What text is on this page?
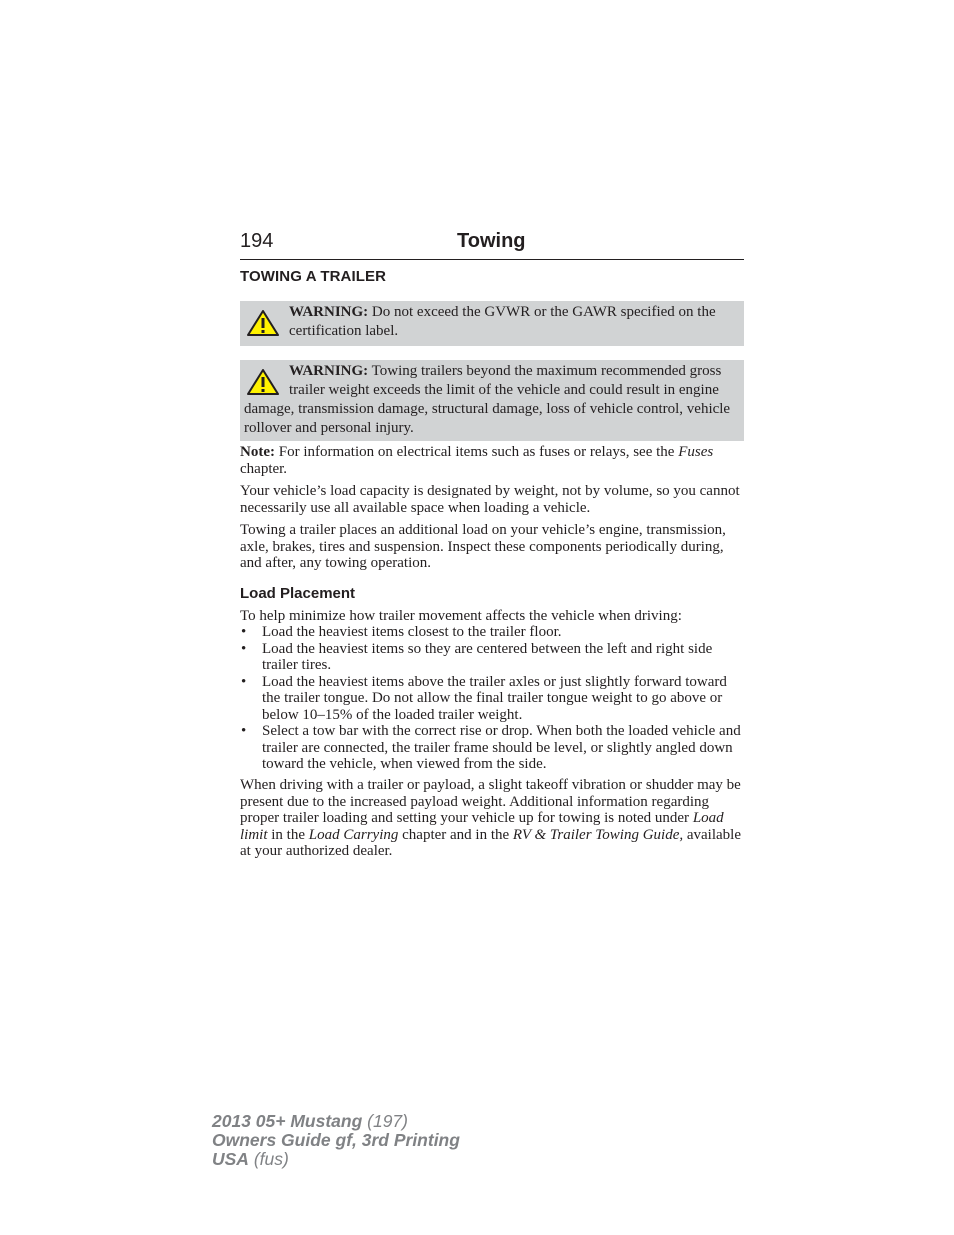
194	Towing
TOWING A TRAILER
WARNING: Do not exceed the GVWR or the GAWR specified on the certification label.
WARNING: Towing trailers beyond the maximum recommended gross trailer weight exceeds the limit of the vehicle and could result in engine damage, transmission damage, structural damage, loss of vehicle control, vehicle rollover and personal injury.
Note: For information on electrical items such as fuses or relays, see the Fuses chapter.
Your vehicle’s load capacity is designated by weight, not by volume, so you cannot necessarily use all available space when loading a vehicle.
Towing a trailer places an additional load on your vehicle’s engine, transmission, axle, brakes, tires and suspension. Inspect these components periodically during, and after, any towing operation.
Load Placement
To help minimize how trailer movement affects the vehicle when driving:
• Load the heaviest items closest to the trailer floor.
• Load the heaviest items so they are centered between the left and right side trailer tires.
• Load the heaviest items above the trailer axles or just slightly forward toward the trailer tongue. Do not allow the final trailer tongue weight to go above or below 10–15% of the loaded trailer weight.
• Select a tow bar with the correct rise or drop. When both the loaded vehicle and trailer are connected, the trailer frame should be level, or slightly angled down toward the vehicle, when viewed from the side.
When driving with a trailer or payload, a slight takeoff vibration or shudder may be present due to the increased payload weight. Additional information regarding proper trailer loading and setting your vehicle up for towing is noted under Load limit in the Load Carrying chapter and in the RV & Trailer Towing Guide, available at your authorized dealer.
2013 05+ Mustang (197)
Owners Guide gf, 3rd Printing
USA (fus)
